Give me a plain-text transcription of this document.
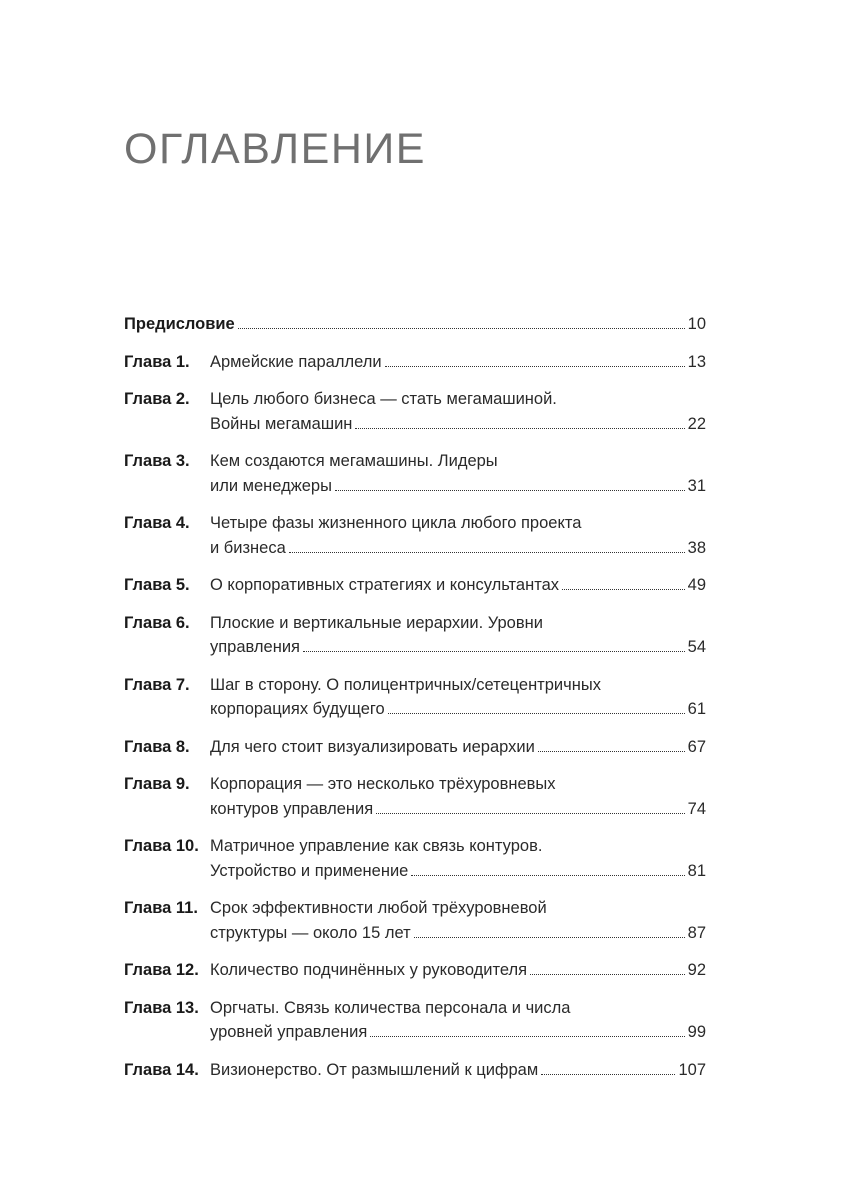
ОГЛАВЛЕНИЕ
Предисловие	10
Глава 1.	Армейские параллели	13
Глава 2.	Цель любого бизнеса — стать мегамашиной.
Войны мегамашин	22
Глава 3.	Кем создаются мегамашины. Лидеры
или менеджеры	31
Глава 4.	Четыре фазы жизненного цикла любого проекта
и бизнеса	38
Глава 5.	О корпоративных стратегиях и консультантах	49
Глава 6.	Плоские и вертикальные иерархии. Уровни
управления	54
Глава 7.	Шаг в сторону. О полицентричных/сетецентричных
корпорациях будущего	61
Глава 8.	Для чего стоит визуализировать иерархии	67
Глава 9.	Корпорация — это несколько трёхуровневых
контуров управления	74
Глава 10. Матричное управление как связь контуров.
Устройство и применение	81
Глава 11. Срок эффективности любой трёхуровневой
структуры — около 15 лет	87
Глава 12. Количество подчинённых у руководителя	92
Глава 13. Оргчаты. Связь количества персонала и числа
уровней управления	99
Глава 14. Визионерство. От размышлений к цифрам	107
